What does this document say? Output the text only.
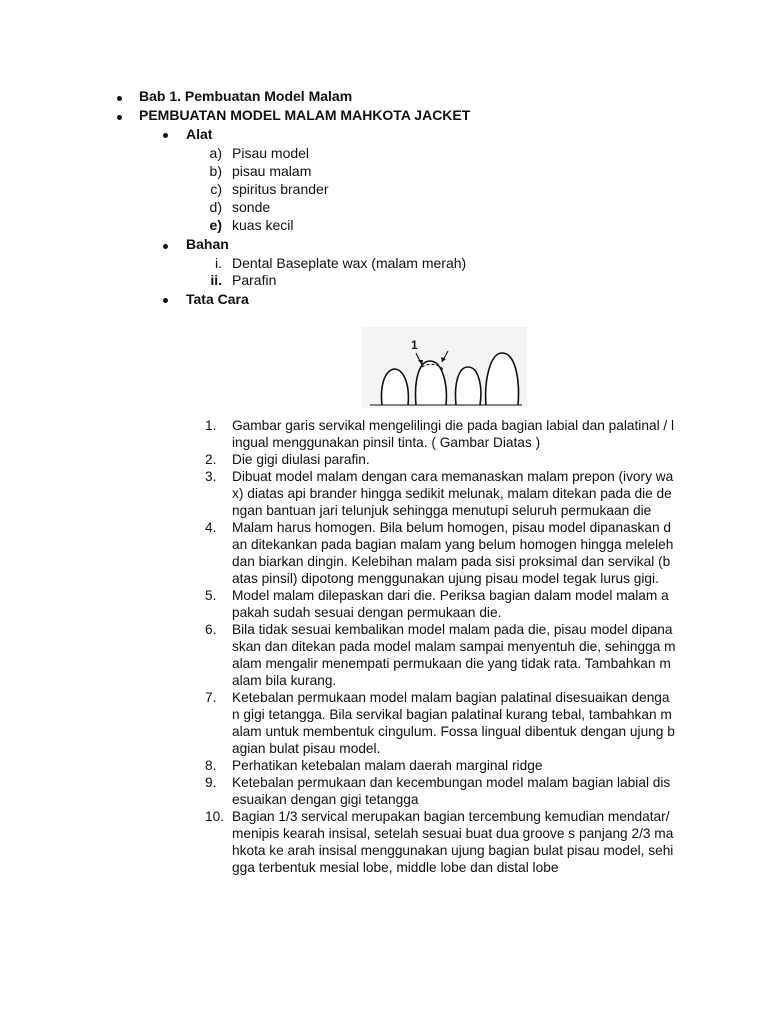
Bab 1. Pembuatan Model Malam
PEMBUATAN MODEL MALAM MAHKOTA JACKET
Alat
a) Pisau model
b) pisau malam
c) spiritus brander
d) sonde
e) kuas kecil
Bahan
i. Dental Baseplate wax (malam merah)
ii. Parafin
Tata Cara
1
1.	Gambar garis servikal mengelilingi die pada bagian labial dan palatinal / lingual menggunakan pinsil tinta. ( Gambar Diatas )
2.	Die gigi diulasi parafin.
3.	Dibuat model malam dengan cara memanaskan malam prepon (ivory wax) diatas api brander hingga sedikit melunak, malam ditekan pada die dengan bantuan jari telunjuk sehingga menutupi seluruh permukaan die
4.	Malam harus homogen. Bila belum homogen, pisau model dipanaskan dan ditekankan pada bagian malam yang belum homogen hingga meleleh dan biarkan dingin. Kelebihan malam pada sisi proksimal dan servikal (batas pinsil) dipotong menggunakan ujung pisau model tegak lurus gigi.
5.	Model malam dilepaskan dari die. Periksa bagian dalam model malam apakah sudah sesuai dengan permukaan die.
6.	Bila tidak sesuai kembalikan model malam pada die, pisau model dipanaskan dan ditekan pada model malam sampai menyentuh die, sehingga malam mengalir menempati permukaan die yang tidak rata. Tambahkan malam bila kurang.
7.	Ketebalan permukaan model malam bagian palatinal disesuaikan dengan gigi tetangga. Bila servikal bagian palatinal kurang tebal, tambahkan malam untuk membentuk cingulum. Fossa lingual dibentuk dengan ujung bagian bulat pisau model.
8.	Perhatikan ketebalan malam daerah marginal ridge
9.	Ketebalan permukaan dan kecembungan model malam bagian labial disesuaikan dengan gigi tetangga
10. Bagian 1/3 servical merupakan bagian tercembung kemudian mendatar/ menipis kearah insisal, setelah sesuai buat dua groove s panjang 2/3 mahkota ke arah insisal menggunakan ujung bagian bulat pisau model, sehigga terbentuk mesial lobe, middle lobe dan distal lobe
